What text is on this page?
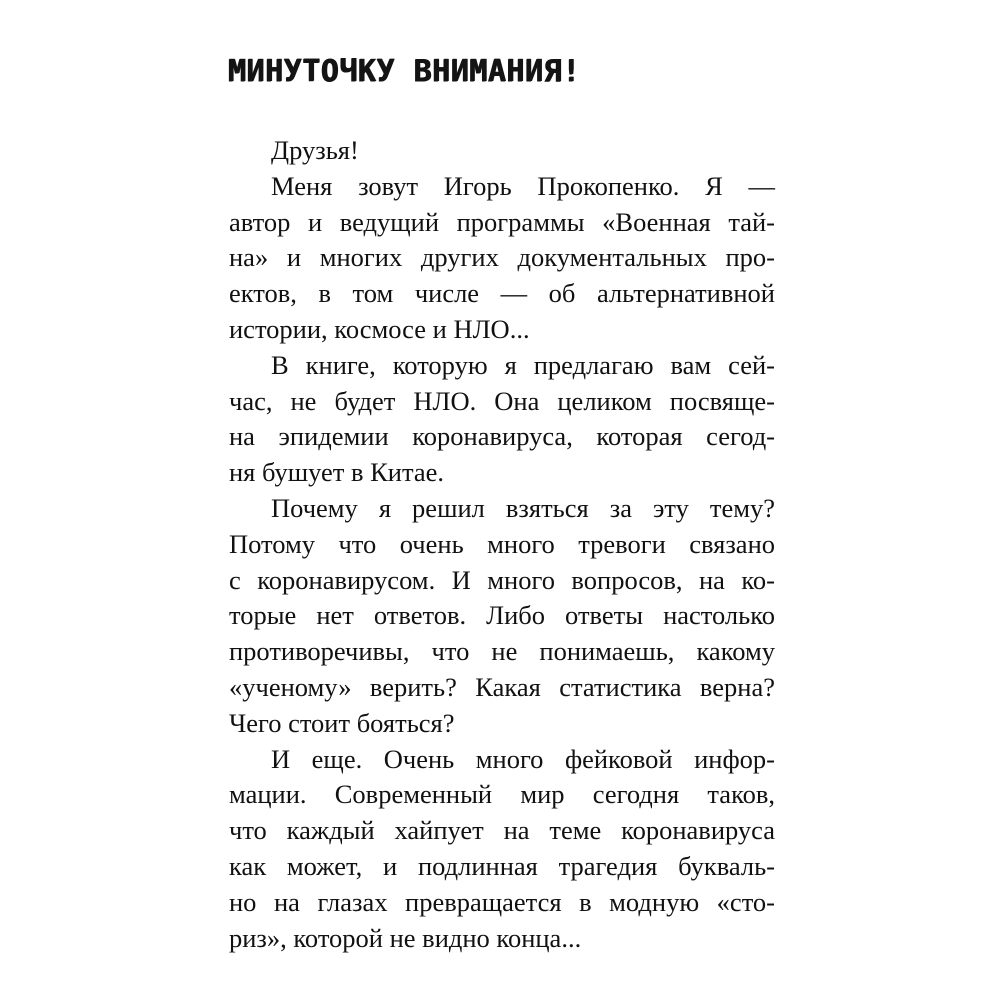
МИНУТОЧКУ ВНИМАНИЯ!
Друзья!
Меня зовут Игорь Прокопенко. Я —
автор и ведущий программы «Военная тай-
на» и многих других документальных про-
ектов, в том числе — об альтернативной
истории, космосе и НЛО...
В книге, которую я предлагаю вам сей-
час, не будет НЛО. Она целиком посвяще-
на эпидемии коронавируса, которая сегод-
ня бушует в Китае.
Почему я решил взяться за эту тему?
Потому что очень много тревоги связано
с коронавирусом. И много вопросов, на ко-
торые нет ответов. Либо ответы настолько
противоречивы, что не понимаешь, какому
«ученому» верить? Какая статистика верна?
Чего стоит бояться?
И еще. Очень много фейковой инфор-
мации. Современный мир сегодня таков,
что каждый хайпует на теме коронавируса
как может, и подлинная трагедия букваль-
но на глазах превращается в модную «сто-
риз», которой не видно конца...
